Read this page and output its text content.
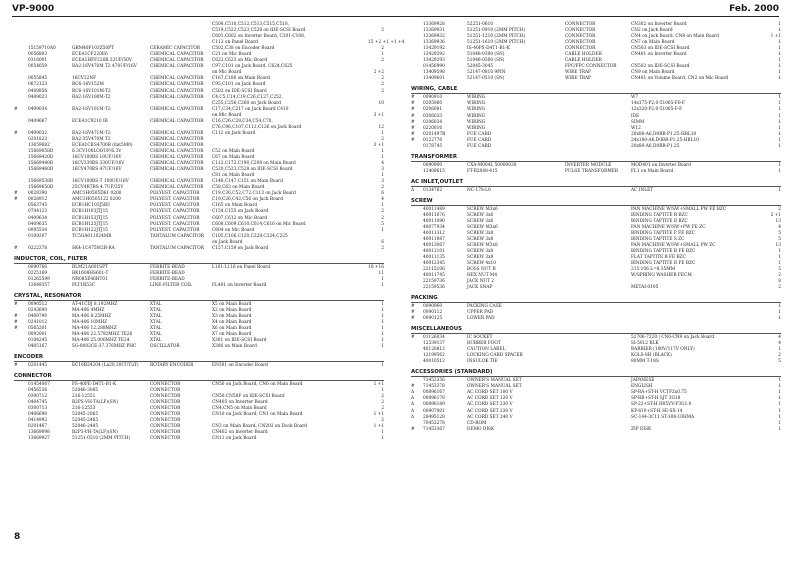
VP-9000	Feb. 2000
C508,C510,C512,C513,C515,C518,
C519,C522,C523,C528 on IDE-SCSI Board	2
C601,C602 on Inverter Board, C101-C108,
C113 on Panel Board	15 +2 +1 +1 +4
15159710A0	GRM40F103Z50PT	CERAMIC CAPACITOR	C502,C38 on Encoder Board	2
0056803	ECEA1CF220E6	CHEMICAL CAPACITOR	C21 on Mic Board	1
0316001	ECEA1HFF220B 22UF/50V	CHEMICAL CAPACITOR	C622,C623 on Mic Board	2
0054059	RA2-16V470M T2 470UF/16V	CHEMICAL CAPACITOR	C97,C101 on Jack Board, C624,C625
on Mic Board	2 +2
0055845	16CV22NF	CHEMICAL CAPACITOR	C167,C180 on Main Board	2
0672123	RC6-16V152M	CHEMICAL CAPACITOR	C95,C101 on Jack Board	2
0409856	RC6-16V101M-T2	CHEMICAL CAPACITOR	C502 on IDE-SCSI Board	2
0409023	RA2-16V100M-T2	CHEMICAL CAPACITOR	C4,C5,C14,C19,C26,C127,C252,
C255,C256,C260 on Jack Board	10
#	0409034	RA2-16V101M-T2	CHEMICAL CAPACITOR	C17,C34,C217 on Jack Board C410
on Mic Board	3 +1
0409667	ECEA1C9210 IB	CHEMICAL CAPACITOR	C16,C26,C28,C34,C54,C70,
C76,C96,C107,C112,C126 on Jack Board	12
#	0409032	RA2-16V471M-T2	CHEMICAL CAPACITOR	C112 on Jack Board	1
0201823	RA2-35V470M T2	CHEMICAL CAPACITOR	2
13659682	ECEA1CKS4700B (llat5M0)	CHEMICAL CAPACITOR	3 +1
15669058D	6.3CV100LOOUF/6.3V	CHEMICAL CAPACITOR	C52 on Main Board	1
15669420D	16CV100BS 10UF/16V	CHEMICAL CAPACITOR	C67 on Main Board	1
15669440D	16CV330BS 330UF/16V	CHEMICAL CAPACITOR	C112,C172,C190,C208 on Main Board	4
15669460D	16CV470BS 47UF/16V	CHEMICAL CAPACITOR	C520,C523,C528 on IDE-SCSI Board	3
C81 on Main Board	1
15669538D	16CV100BS-T 100UF/16V	CHEMICAL CAPACITOR	C148,C147,C151 on Main Board	3
15669650D	25CV4R7BS 4.7UF/25V	CHEMICAL CAPACITOR	C58,C63 on Main Board	2
#	0028390	AMC1H0505D61 0200	POLYEST. CAPACITOR	C19,C36,C52,C72,C113 on Jack Board	6
#	0028912	AMC1H0505122 0200	POLYEST. CAPACITOR	C19,C26,C42,C56 on Jack Board	4
0563745	ECB1HC103J5B5	POLYEST. CAPACITOR	C165 on Main Board	1
0704123	ECB1H103JTJ15	POLYEST. CAPACITOR	C154,C155 on Jack Board	2
0409634	ECB1H153JTJ15	POLYEST. CAPACITOR	C607,C612 on Mic Board	2
0409635	ECB1H123JTJ15	POLYEST. CAPACITOR	C608,C609,C610,C614,C616 on Mic Board	5
0095534	ECB1H122JTJ15	POLYEST. CAPACITOR	C604 on Mic Board	1
0109207	TC5GA011024MR	TANTALUM CAPACITOR	C105,C106,C120,C228,C224,C225
on Jack Board	6
#	0222378	SK4-1C475M2R-RA	TANTALUM CAPACITOR	C157,C159 on Jack Board	2
INDUCTOR, COIL, FILTER
0090766	BLM21A601SPT	FERRITE-BEAD	L101-L116 on Panel Board	18 +16
0225169	BK1608HS601-T	FERRITE-BEAD	11
01265599	NR085E46HT01	FERRITE-BEAD	1
12649357	PLT1R53C	LINE-FILTER COIL	FL401 on Inverter Board	1
CRYSTAL, RESONATOR
#	0090512	AT-41CDJ 8.192MHZ	XTAL	X5 on Main Board	1
0243690	MA-406 4MHZ	XTAL	X2 on Main Board	1
#	0409790	MA-406 8.25MHZ	XTAL	X3 on Main Board	1
#	0241012	MA-406 10MHZ	XTAL	X4 on Main Board	1
#	0565201	MA-406 12.288MHZ	XTAL	X6 on Main Board	1
0092001	MA-406 22.5792MHZ TE26	XTAL	X7 on Main Board	1
0104245	MA-406 25.000MHZ TE24	XTAL	X301 on IDE-SCSI Board	1
0405167	SG-8002CE-37.376MHZ PHC	OSCILLATOR	X306 on Main Board	1
ENCODER
#	0201445	EC16B24204 (La20,20CUTuT)	ROTARY ENCODER	EN301 on Encoder Board	1
CONNECTOR
01454067	PS-40PE-D4T1-B1-K	CONNECTOR	CN56 on Jack Board, CN6 on Main Board	1 +1
0456536	52046-3085	CONNECTOR	1
0300712	216-12551	CONNECTOR	CN50,CN50F on IDE-SCSI Board	2
0404745	B2PS-VH-TA(LF)(SN)	CONNECTOR	CN405 on Inverter Board	2
0300713	216-12553	CONNECTOR	CN4,CN5 on Main Board	2
0406690	52045-2065	CONNECTOR	CN10 on Jack Board, CN1 on Main Board	1 +1
0414992	52045-2465	CONNECTOR	2
0201467	52046-2485	CONNECTOR	CN3 on Main Board, CN202 on Dock Board	1 +1
13669098	B2P3-VH-TA(LF)(SN)	CONNECTOR	CN402 on Inverter Board	1
13669927	51251-0510 (2MM PITCH)	CONNECTOR	CN11 on Jack Board	1
13369928	52251-0610	CONNECTOR	CN302 on Inverter Board	1
13369931	51251-0910 (2MM PITCH)	CONNECTOR	CN2 on Jack Board	1
13369932	51251-1210 (2MM PITCH)	CONNECTOR	CN4 on Jack Board, CN8 on Main Board	1 +1
13369936	51251-1610 (2MM PITCH)	CONNECTOR	CN7 on Main Board	1
13429192	IS-40PS-D4T1-B1-K	CONNECTOR	CN503 on IDE-SCSI Board	1
13429292	51048-0300 (SN)	CABLE HOLDER	CN401 on Inverter Board	1
13429293	51048-0500 (SN)	CABLE HOLDER	1
01456990	52045-3045	FPC/FPC CONNECTOR	CN502 on IDE-SCSI Board	1
13409598	52147-0810 9PIN	WIRE TRAP	CN9 on Main Board	1
13409601	52147-0510 (SN)	WIRE TRAP	CN401 on Volume Board, CN2 on Mic Board	1
WIRING, CABLE
#	0090910	WIRING	W7	1
#	0205960	WIRING	14x175-P2.0-51065-F0-F	1
#	0206001	WIRING	12x320-P2.0-51065-F-F	1
#	0206033	WIRING	IDE	1
#	0206034	WIRING	SIMM	1
#	0220016	WIRING	W12	1
#	0201497B	FUE CARD	20x80-A6,D0BR-P1.25-HBL10	1
#	0122776	FUE CARD	24x180-A6,D0BR-P1.25-HBL10	1
0178745	FUE CARD	20x80-A6,D0BR-P1.25	1
TRANSFORMER
0090900	CXA-M004L 50000030	INVERTER MODULE	MOD401 on Inverter Board	1
12409615	FT-B2048-415	PULSE TRANSFORMER	FL1 on Main Board	1
AC INLET,OUTLET
Δ	0134762	NC-178-L0	AC INLET	1
SCREW
40011489	SCREW M3x6	PAN MACHINE W/SW+SMALL PW FE BZC	2
40011076	SCREW 3x6	BINDING TAPTITE B BZC	2 +1
40011090	SCREW 3x6	BINDING TAPTITE B BZC	13
40077934	SCREW M3x6	PAN MACHINE W/SW+PW FE ZC	4
40011312	SCREW 3x8	BINDING TAPTITE P FE BZC	5
40011087	SCREW 3x8	BINDING TAPTITE S ZC	5
40013067	SCREW M3x8	PAN MACHINE W/SW+SMALL PW ZC	13
40011101	SCREW 3x8	BINDING TAPTITE B FE BZC	1
40011135	SCREW 3x8	FLAT TAPTITE B FE BZC	1
40012345	SCREW 4x10	BINDING TAPTITE B FE BZC	1
22115106	BOSS NUT B	215-106 L=8.35MM	5
40011745	HEX NUT M4	W/SPRING WASHER FECM	2
22159736	JACK NUT 2	8
22159536	JACK SNAP	METAI-0105	2
PACKING
#	0090960	PACKING CASE	1
#	0090112	UPPER PAD	1
#	0090125	LOWER PAD	1
MISCELLANEOUS
#	01126034	IC SOCKET	52706-7220 | CN6-CN9 on Jack Board	4
12339137	RUBBER FOOT	SI-5012 BLK	4
40120812	CAUTION LABEL	BARRIER (100V/117V ONLY)	1
12199562	LOCKING CARD SPACER	KGLS-8H (BLACK)	2
40010512	INSULOK TIE	80MM T-18S	5
ACCESSORIES (STANDARD)
71453356	OWNER'S MANUAL SET	JAPANESE	1
#	71453378	OWNER'S MANUAL SET	ENGLISH	1
Δ	00896167	AC CORD SET 100 V	SP-RA+ST-H VCTF2x0.75	1
Δ	00896178	AC CORD SET 120 V	SP-RB+ST-H SJT 3G18	1
Δ	00896189	AC CORD SET 230 V	SP-22+ST-H H05VV-F3G1.0	1
Δ	00907001	AC CORD SET 230 V	KP-610+ST-H SE-SX-14	1
Δ	28495128	AC CORD SET 240 V	SC-144-3C11 ST-308-10HMA	1
70453278	CD-ROM	1
#	71453367	DEMO DISK	ZIP DISK	1
8
